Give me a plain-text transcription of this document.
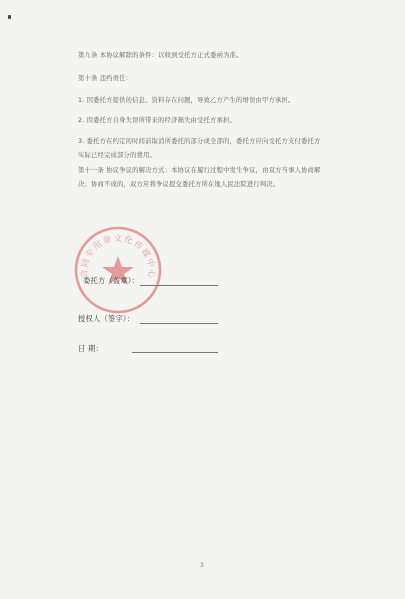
第九条 本协议解除的条件：以收到受托方正式委函为准。
第十条 违约责任：
1. 因委托方提供的信息、资料存在问题，导致乙方产生的增误由甲方承担。
2. 因委托方自身失误所带来的经济损失由受托方承担。
3. 委托方在约定的时间前取消所委托的部分或全部的，委托方应向受托方支付委托方
实际已经完成部分的费用。
第十一条 协议争议的解决方式：本协议在履行过程中发生争议，由双方当事人协商解
决；协商不成的，双方应将争议提交委托方所在地人民法院进行判决。
合同专用章文化传媒中心
委托方（盖章）：
授权人（签字）：
日 期：
3
